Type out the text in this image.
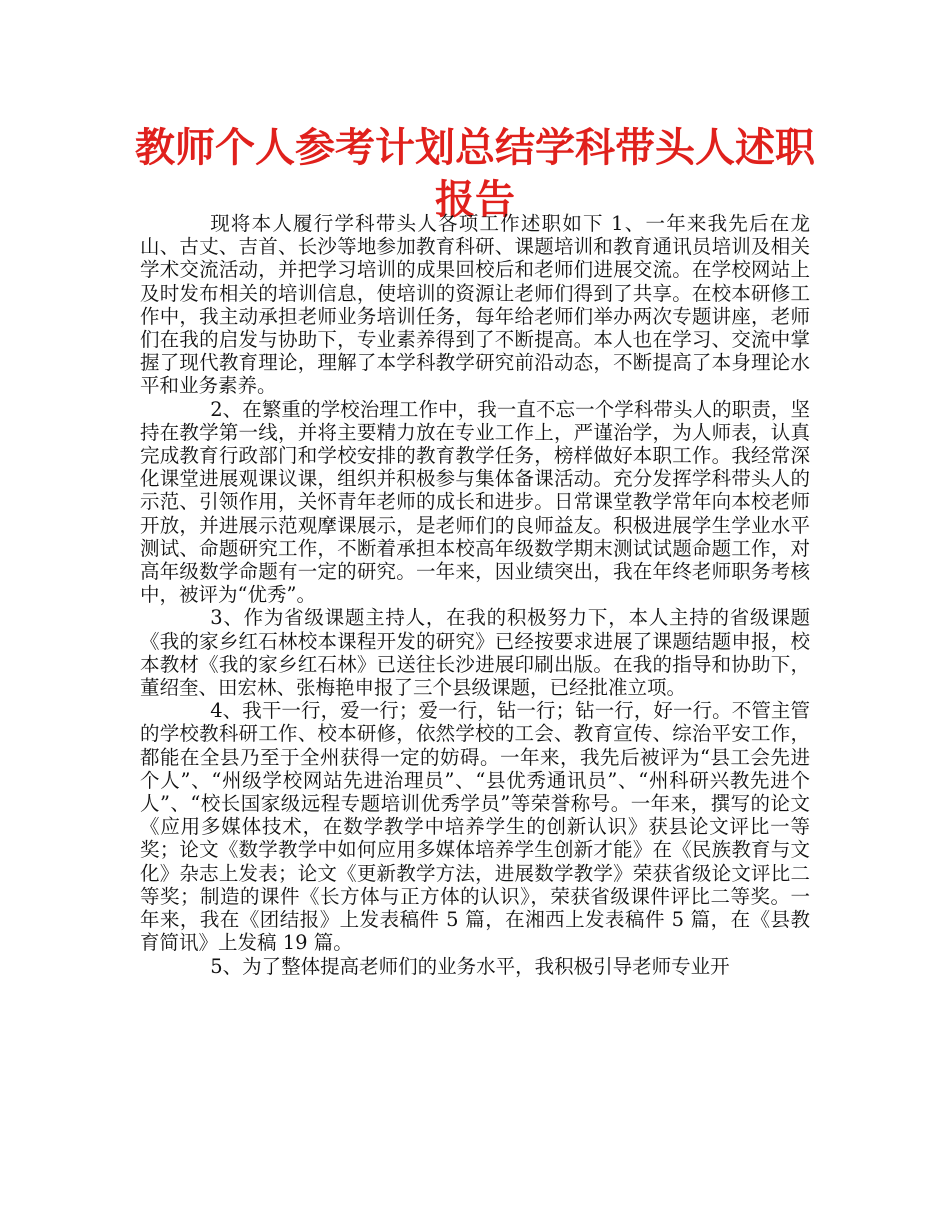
教师个人参考计划总结学科带头人述职报告

现将本人履行学科带头人各项工作述职如下 1、一年来我先后在龙山、古丈、吉首、长沙等地参加教育科研、课题培训和教育通讯员培训及相关学术交流活动，并把学习培训的成果回校后和老师们进展交流。在学校网站上及时发布相关的培训信息，使培训的资源让老师们得到了共享。在校本研修工作中，我主动承担老师业务培训任务，每年给老师们举办两次专题讲座，老师们在我的启发与协助下，专业素养得到了不断提高。本人也在学习、交流中掌握了现代教育理论，理解了本学科教学研究前沿动态，不断提高了本身理论水平和业务素养。

2、在繁重的学校治理工作中，我一直不忘一个学科带头人的职责，坚持在教学第一线，并将主要精力放在专业工作上，严谨治学，为人师表，认真完成教育行政部门和学校安排的教育教学任务，榜样做好本职工作。我经常深化课堂进展观课议课，组织并积极参与集体备课活动。充分发挥学科带头人的示范、引领作用，关怀青年老师的成长和进步。日常课堂教学常年向本校老师开放，并进展示范观摩课展示，是老师们的良师益友。积极进展学生学业水平测试、命题研究工作，不断着承担本校高年级数学期末测试试题命题工作，对高年级数学命题有一定的研究。一年来，因业绩突出，我在年终老师职务考核中，被评为“优秀”。

3、作为省级课题主持人，在我的积极努力下，本人主持的省级课题《我的家乡红石林校本课程开发的研究》已经按要求进展了课题结题申报，校本教材《我的家乡红石林》已送往长沙进展印刷出版。在我的指导和协助下，董绍奎、田宏林、张梅艳申报了三个县级课题，已经批准立项。

4、我干一行，爱一行；爱一行，钻一行；钻一行，好一行。不管主管的学校教科研工作、校本研修，依然学校的工会、教育宣传、综治平安工作，都能在全县乃至于全州获得一定的妨碍。一年来，我先后被评为“县工会先进个人”、“州级学校网站先进治理员”、“县优秀通讯员”、“州科研兴教先进个人”、“校长国家级远程专题培训优秀学员”等荣誉称号。一年来，撰写的论文《应用多媒体技术，在数学教学中培养学生的创新认识》获县论文评比一等奖；论文《数学教学中如何应用多媒体培养学生创新才能》在《民族教育与文化》杂志上发表；论文《更新教学方法，进展数学教学》荣获省级论文评比二等奖；制造的课件《长方体与正方体的认识》，荣获省级课件评比二等奖。一年来，我在《团结报》上发表稿件 5 篇，在湘西上发表稿件 5 篇，在《县教育简讯》上发稿 19 篇。

5、为了整体提高老师们的业务水平，我积极引导老师专业开
